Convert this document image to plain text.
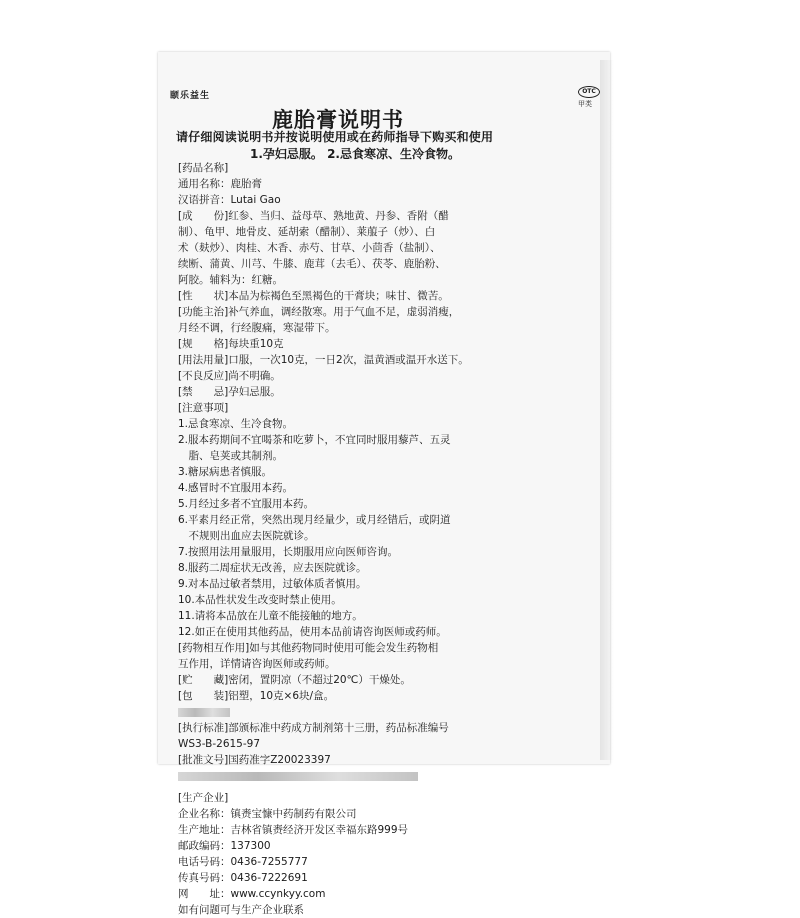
颐乐益生	OTC
甲类
鹿胎膏说明书
请仔细阅读说明书并按说明使用或在药师指导下购买和使用
1.孕妇忌服。 2.忌食寒凉、生冷食物。
[药品名称]
通用名称：鹿胎膏
汉语拼音：Lutai Gao
[成　　份]红参、当归、益母草、熟地黄、丹参、香附（醋
制）、龟甲、地骨皮、延胡索（醋制）、莱菔子（炒）、白
术（麸炒）、肉桂、木香、赤芍、甘草、小茴香（盐制）、
续断、蒲黄、川芎、牛膝、鹿茸（去毛）、茯苓、鹿胎粉、
阿胶。辅料为：红糖。
[性　　状]本品为棕褐色至黑褐色的干膏块；味甘、微苦。
[功能主治]补气养血，调经散寒。用于气血不足，虚弱消瘦，
月经不调，行经腹痛，寒湿带下。
[规　　格]每块重10克
[用法用量]口服，一次10克，一日2次，温黄酒或温开水送下。
[不良反应]尚不明确。
[禁　　忌]孕妇忌服。
[注意事项]
1.忌食寒凉、生冷食物。
2.服本药期间不宜喝茶和吃萝卜，不宜同时服用藜芦、五灵
　脂、皂荚或其制剂。
3.糖尿病患者慎服。
4.感冒时不宜服用本药。
5.月经过多者不宜服用本药。
6.平素月经正常，突然出现月经量少，或月经错后，或阴道
　不规则出血应去医院就诊。
7.按照用法用量服用，长期服用应向医师咨询。
8.服药二周症状无改善，应去医院就诊。
9.对本品过敏者禁用，过敏体质者慎用。
10.本品性状发生改变时禁止使用。
11.请将本品放在儿童不能接触的地方。
12.如正在使用其他药品，使用本品前请咨询医师或药师。
[药物相互作用]如与其他药物同时使用可能会发生药物相
互作用，详情请咨询医师或药师。
[贮　　藏]密闭，置阴凉（不超过20℃）干燥处。
[包　　装]铝塑，10克×6块/盒。
[执行标准]部颁标准中药成方制剂第十三册，药品标准编号
WS3-B-2615-97
[批准文号]国药准字Z20023397
[生产企业]
企业名称：镇赉宝慷中药制药有限公司
生产地址：吉林省镇赉经济开发区幸福东路999号
邮政编码：137300
电话号码：0436-7255777
传真号码：0436-7222691
网　　址：www.ccynkyy.com
如有问题可与生产企业联系
